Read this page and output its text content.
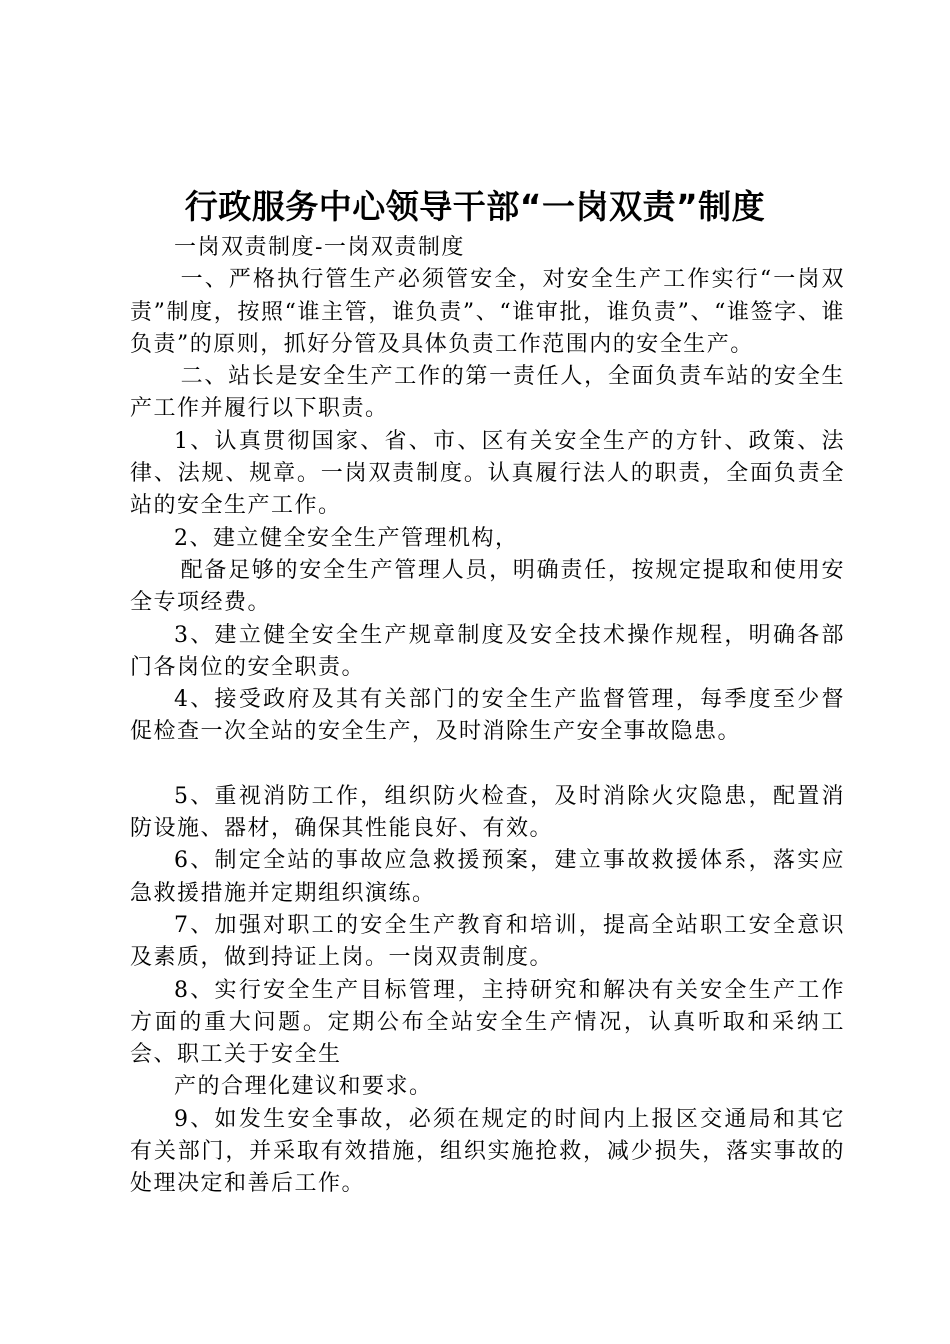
行政服务中心领导干部“一岗双责”制度

一岗双责制度-一岗双责制度

一、严格执行管生产必须管安全，对安全生产工作实行“一岗双责”制度，按照“谁主管，谁负责”、“谁审批，谁负责”、“谁签字、谁负责”的原则，抓好分管及具体负责工作范围内的安全生产。

二、站长是安全生产工作的第一责任人，全面负责车站的安全生产工作并履行以下职责。

1、认真贯彻国家、省、市、区有关安全生产的方针、政策、法律、法规、规章。一岗双责制度。认真履行法人的职责，全面负责全站的安全生产工作。

2、建立健全安全生产管理机构，

配备足够的安全生产管理人员，明确责任，按规定提取和使用安全专项经费。

3、建立健全安全生产规章制度及安全技术操作规程，明确各部门各岗位的安全职责。

4、接受政府及其有关部门的安全生产监督管理，每季度至少督促检查一次全站的安全生产，及时消除生产安全事故隐患。

5、重视消防工作，组织防火检查，及时消除火灾隐患，配置消防设施、器材，确保其性能良好、有效。

6、制定全站的事故应急救援预案，建立事故救援体系，落实应急救援措施并定期组织演练。

7、加强对职工的安全生产教育和培训，提高全站职工安全意识及素质，做到持证上岗。一岗双责制度。

8、实行安全生产目标管理，主持研究和解决有关安全生产工作方面的重大问题。定期公布全站安全生产情况，认真听取和采纳工会、职工关于安全生

产的合理化建议和要求。

9、如发生安全事故，必须在规定的时间内上报区交通局和其它有关部门，并采取有效措施，组织实施抢救，减少损失，落实事故的处理决定和善后工作。
